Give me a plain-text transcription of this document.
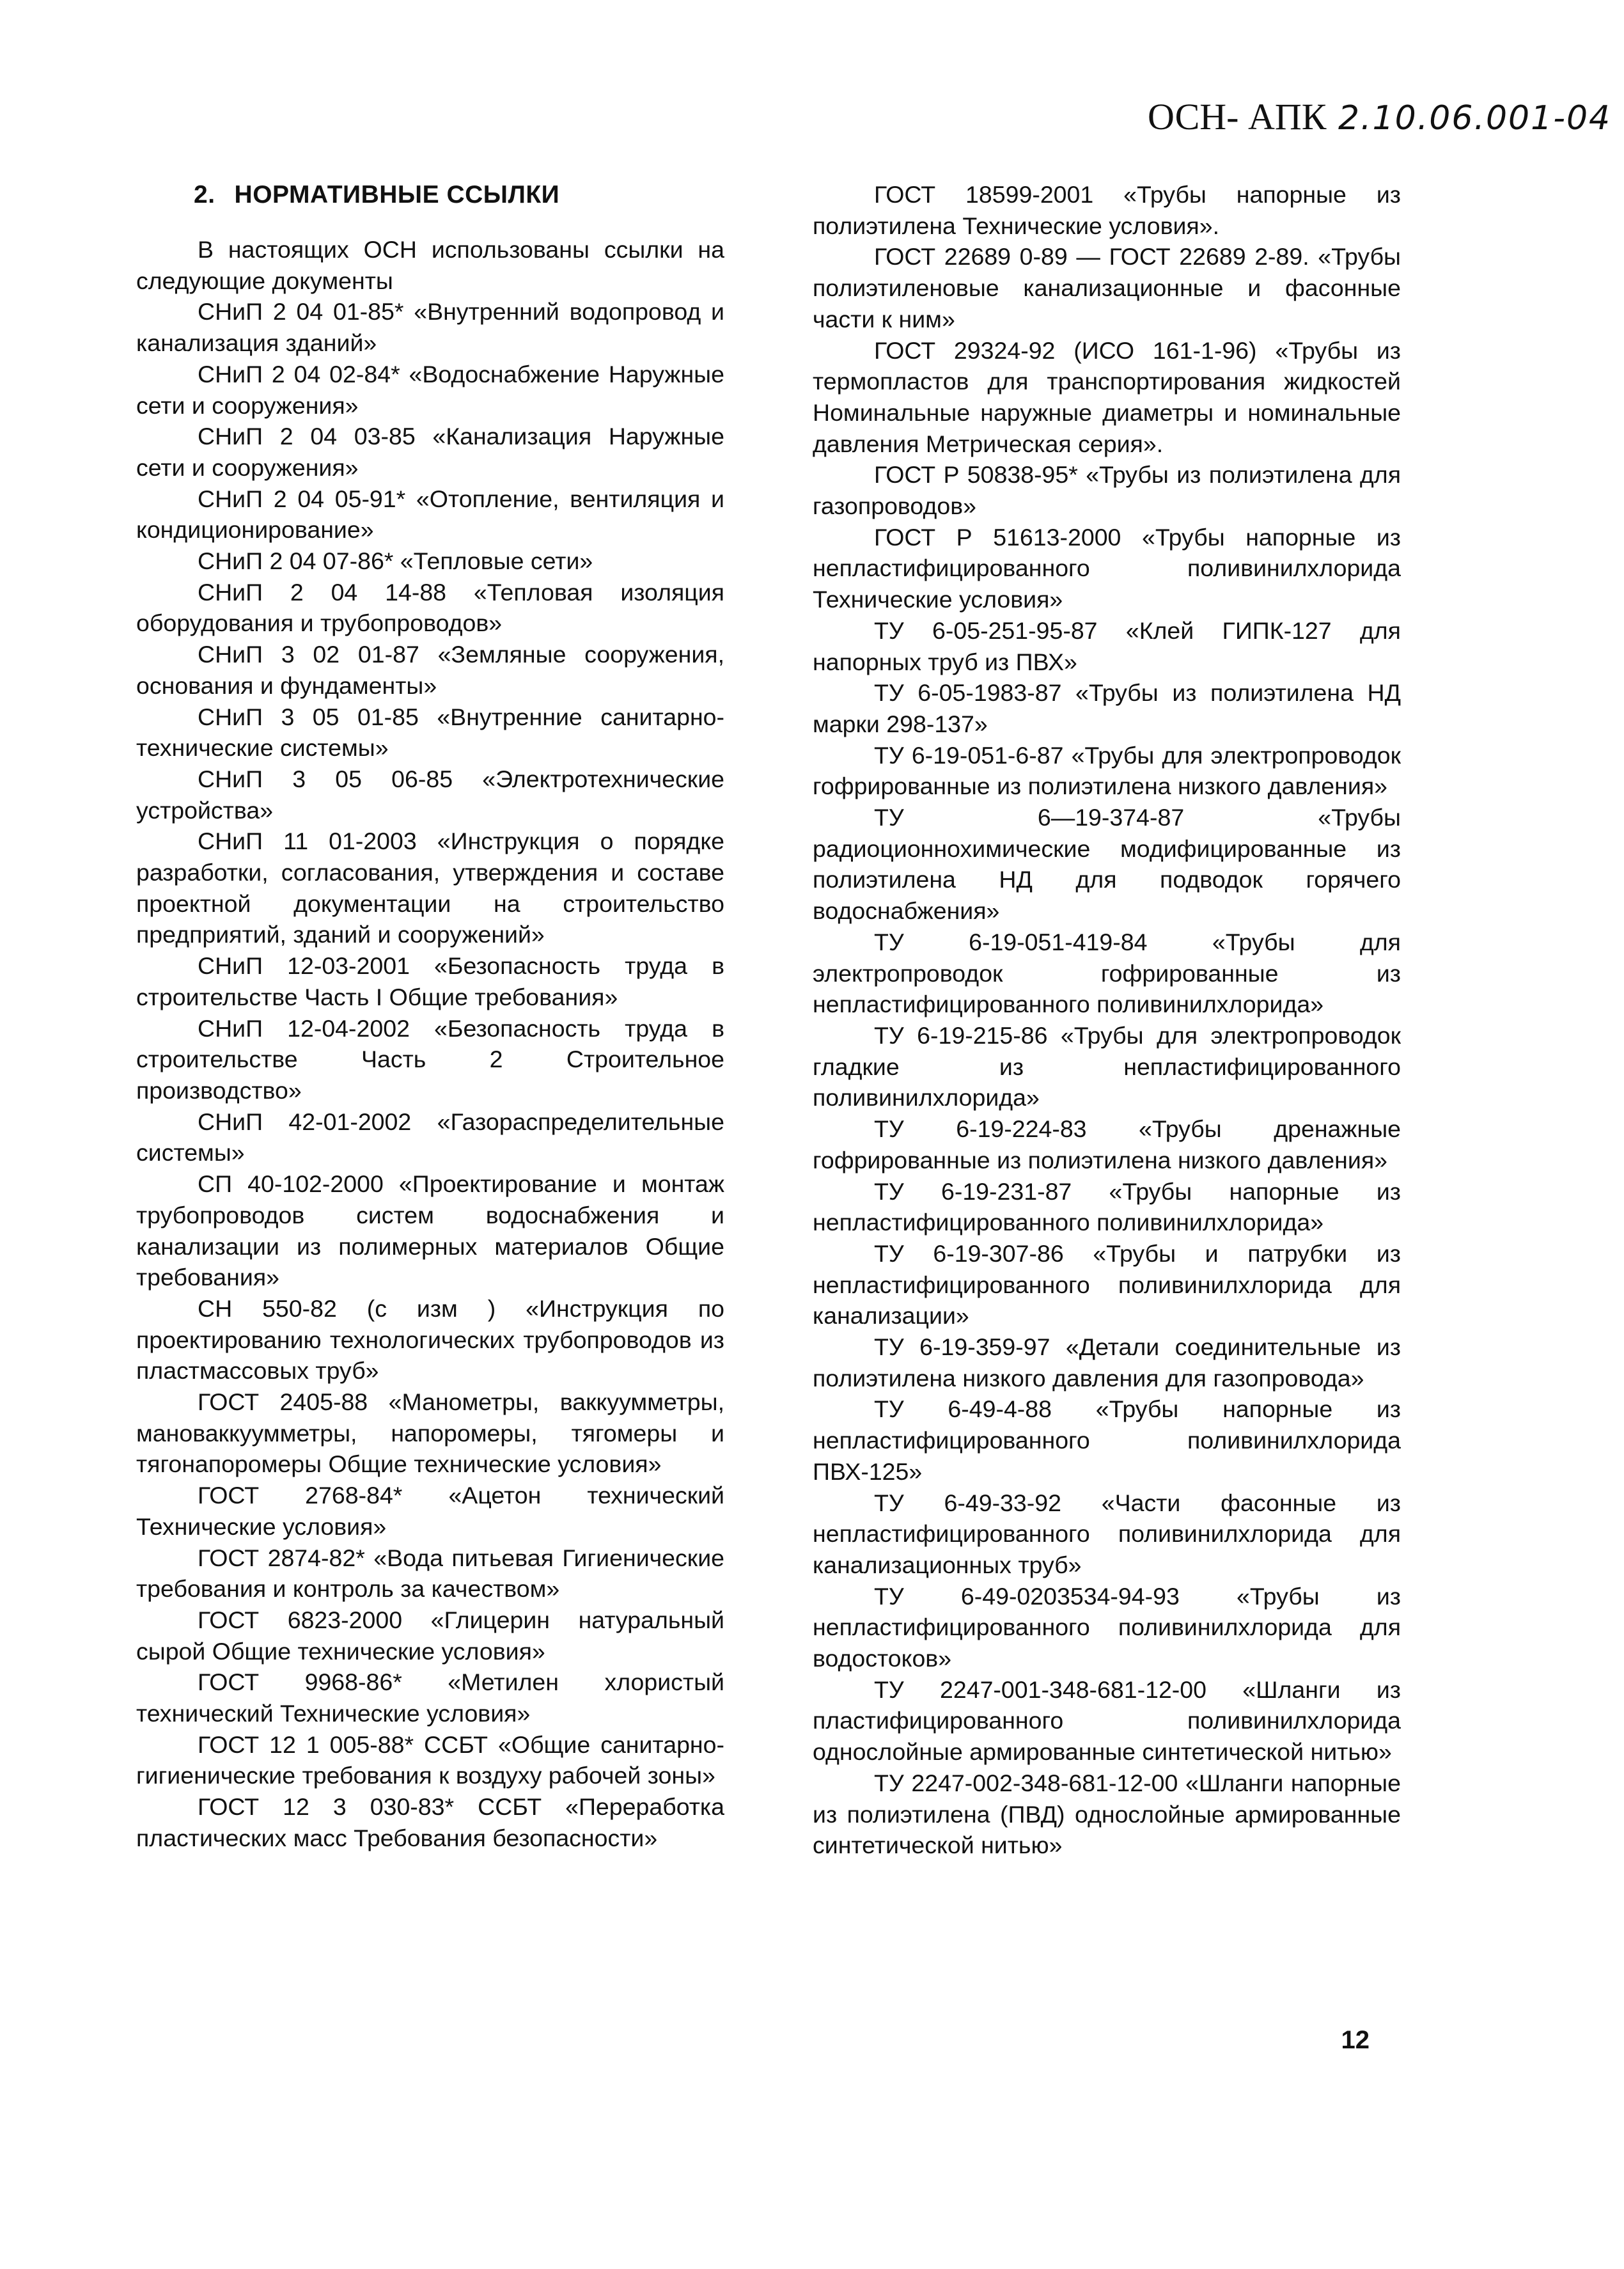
ОСН- АПК 2.10.06.001-04
2. НОРМАТИВНЫЕ ССЫЛКИ

В настоящих ОСН использованы ссылки на следующие документы

СНиП 2 04 01-85* «Внутренний водопровод и канализация зданий»

СНиП 2 04 02-84* «Водоснабжение Наружные сети и сооружения»

СНиП 2 04 03-85 «Канализация Наружные сети и сооружения»

СНиП 2 04 05-91* «Отопление, вентиляция и кондиционирование»

СНиП 2 04 07-86* «Тепловые сети»

СНиП 2 04 14-88 «Тепловая изоляция оборудования и трубопроводов»

СНиП 3 02 01-87 «Земляные сооружения, основания и фундаменты»

СНиП 3 05 01-85 «Внутренние санитарно-технические системы»

СНиП 3 05 06-85 «Электротехнические устройства»

СНиП 11 01-2003 «Инструкция о порядке разработки, согласования, утверждения и составе проектной документации на строительство предприятий, зданий и сооружений»

СНиП 12-03-2001 «Безопасность труда в строительстве Часть I Общие требования»

СНиП 12-04-2002 «Безопасность труда в строительстве Часть 2 Строительное производство»

СНиП 42-01-2002 «Газораспределительные системы»

СП 40-102-2000 «Проектирование и монтаж трубопроводов систем водоснабжения и канализации из полимерных материалов Общие требования»

СН 550-82 (с изм ) «Инструкция по проектированию технологических трубопроводов из пластмассовых труб»

ГОСТ 2405-88 «Манометры, ваккуумметры, мановаккуумметры, напоромеры, тягомеры и тягонапоромеры Общие технические условия»

ГОСТ 2768-84* «Ацетон технический Технические условия»

ГОСТ 2874-82* «Вода питьевая Гигиенические требования и контроль за качеством»

ГОСТ 6823-2000 «Глицерин натуральный сырой Общие технические условия»

ГОСТ 9968-86* «Метилен хлористый технический Технические условия»

ГОСТ 12 1 005-88* ССБТ «Общие санитарно-гигиенические требования к воздуху рабочей зоны»

ГОСТ 12 3 030-83* ССБТ «Переработка пластических масс Требования безопасности»

ГОСТ 18599-2001 «Трубы напорные из полиэтилена Технические условия».

ГОСТ 22689 0-89 — ГОСТ 22689 2-89. «Трубы полиэтиленовые канализационные и фасонные части к ним»

ГОСТ 29324-92 (ИСО 161-1-96) «Трубы из термопластов для транспортирования жидкостей Номинальные наружные диаметры и номинальные давления Метрическая серия».

ГОСТ Р 50838-95* «Трубы из полиэтилена для газопроводов»

ГОСТ Р 51613-2000 «Трубы напорные из непластифицированного поливинилхлорида Технические условия»

ТУ 6-05-251-95-87 «Клей ГИПК-127 для напорных труб из ПВХ»

ТУ 6-05-1983-87 «Трубы из полиэтилена НД марки 298-137»

ТУ 6-19-051-6-87 «Трубы для электропроводок гофрированные из полиэтилена низкого давления»

ТУ 6—19-374-87 «Трубы радиоционнохимические модифицированные из полиэтилена НД для подводок горячего водоснабжения»

ТУ 6-19-051-419-84 «Трубы для электропроводок гофрированные из непластифицированного поливинилхлорида»

ТУ 6-19-215-86 «Трубы для электропроводок гладкие из непластифицированного поливинилхлорида»

ТУ 6-19-224-83 «Трубы дренажные гофрированные из полиэтилена низкого давления»

ТУ 6-19-231-87 «Трубы напорные из непластифицированного поливинилхлорида»

ТУ 6-19-307-86 «Трубы и патрубки из непластифицированного поливинилхлорида для канализации»

ТУ 6-19-359-97 «Детали соединительные из полиэтилена низкого давления для газопровода»

ТУ 6-49-4-88 «Трубы напорные из непластифицированного поливинилхлорида ПВХ-125»

ТУ 6-49-33-92 «Части фасонные из непластифицированного поливинилхлорида для канализационных труб»

ТУ 6-49-0203534-94-93 «Трубы из непластифицированного поливинилхлорида для водостоков»

ТУ 2247-001-348-681-12-00 «Шланги из пластифицированного поливинилхлорида однослойные армированные синтетической нитью»

ТУ 2247-002-348-681-12-00 «Шланги напорные из полиэтилена (ПВД) однослойные армированные синтетической нитью»

12
